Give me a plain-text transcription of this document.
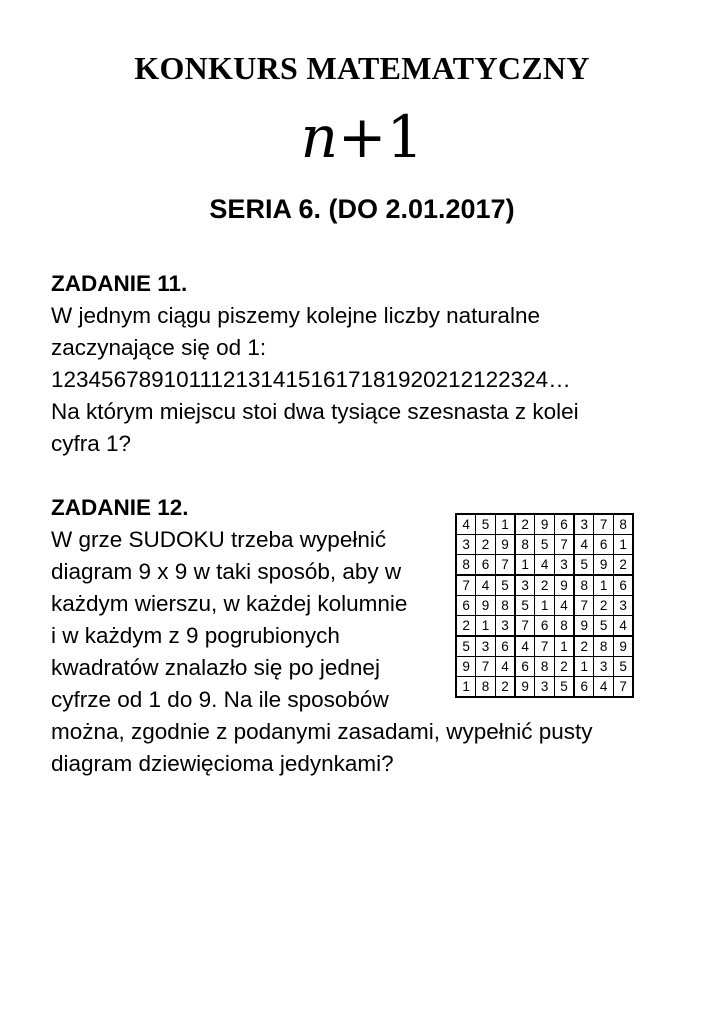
KONKURS MATEMATYCZNY
n+1
SERIA 6. (DO 2.01.2017)
ZADANIE 11.
W jednym ciągu piszemy kolejne liczby naturalne
zaczynające się od 1:
1234567891011121314151617181920212122324…
Na którym miejscu stoi dwa tysiące szesnasta z kolei
cyfra 1?
ZADANIE 12.
W grze SUDOKU trzeba wypełnić
diagram 9 x 9 w taki sposób, aby w
każdym wierszu, w każdej kolumnie
i w każdym z 9 pogrubionych
kwadratów znalazło się po jednej
cyfrze od 1 do 9. Na ile sposobów
można, zgodnie z podanymi zasadami, wypełnić pusty
diagram dziewięcioma jedynkami?
4	5	1	2	9	6	3	7	8
3	2	9	8	5	7	4	6	1
8	6	7	1	4	3	5	9	2
7	4	5	3	2	9	8	1	6
6	9	8	5	1	4	7	2	3
2	1	3	7	6	8	9	5	4
5	3	6	4	7	1	2	8	9
9	7	4	6	8	2	1	3	5
1	8	2	9	3	5	6	4	7
